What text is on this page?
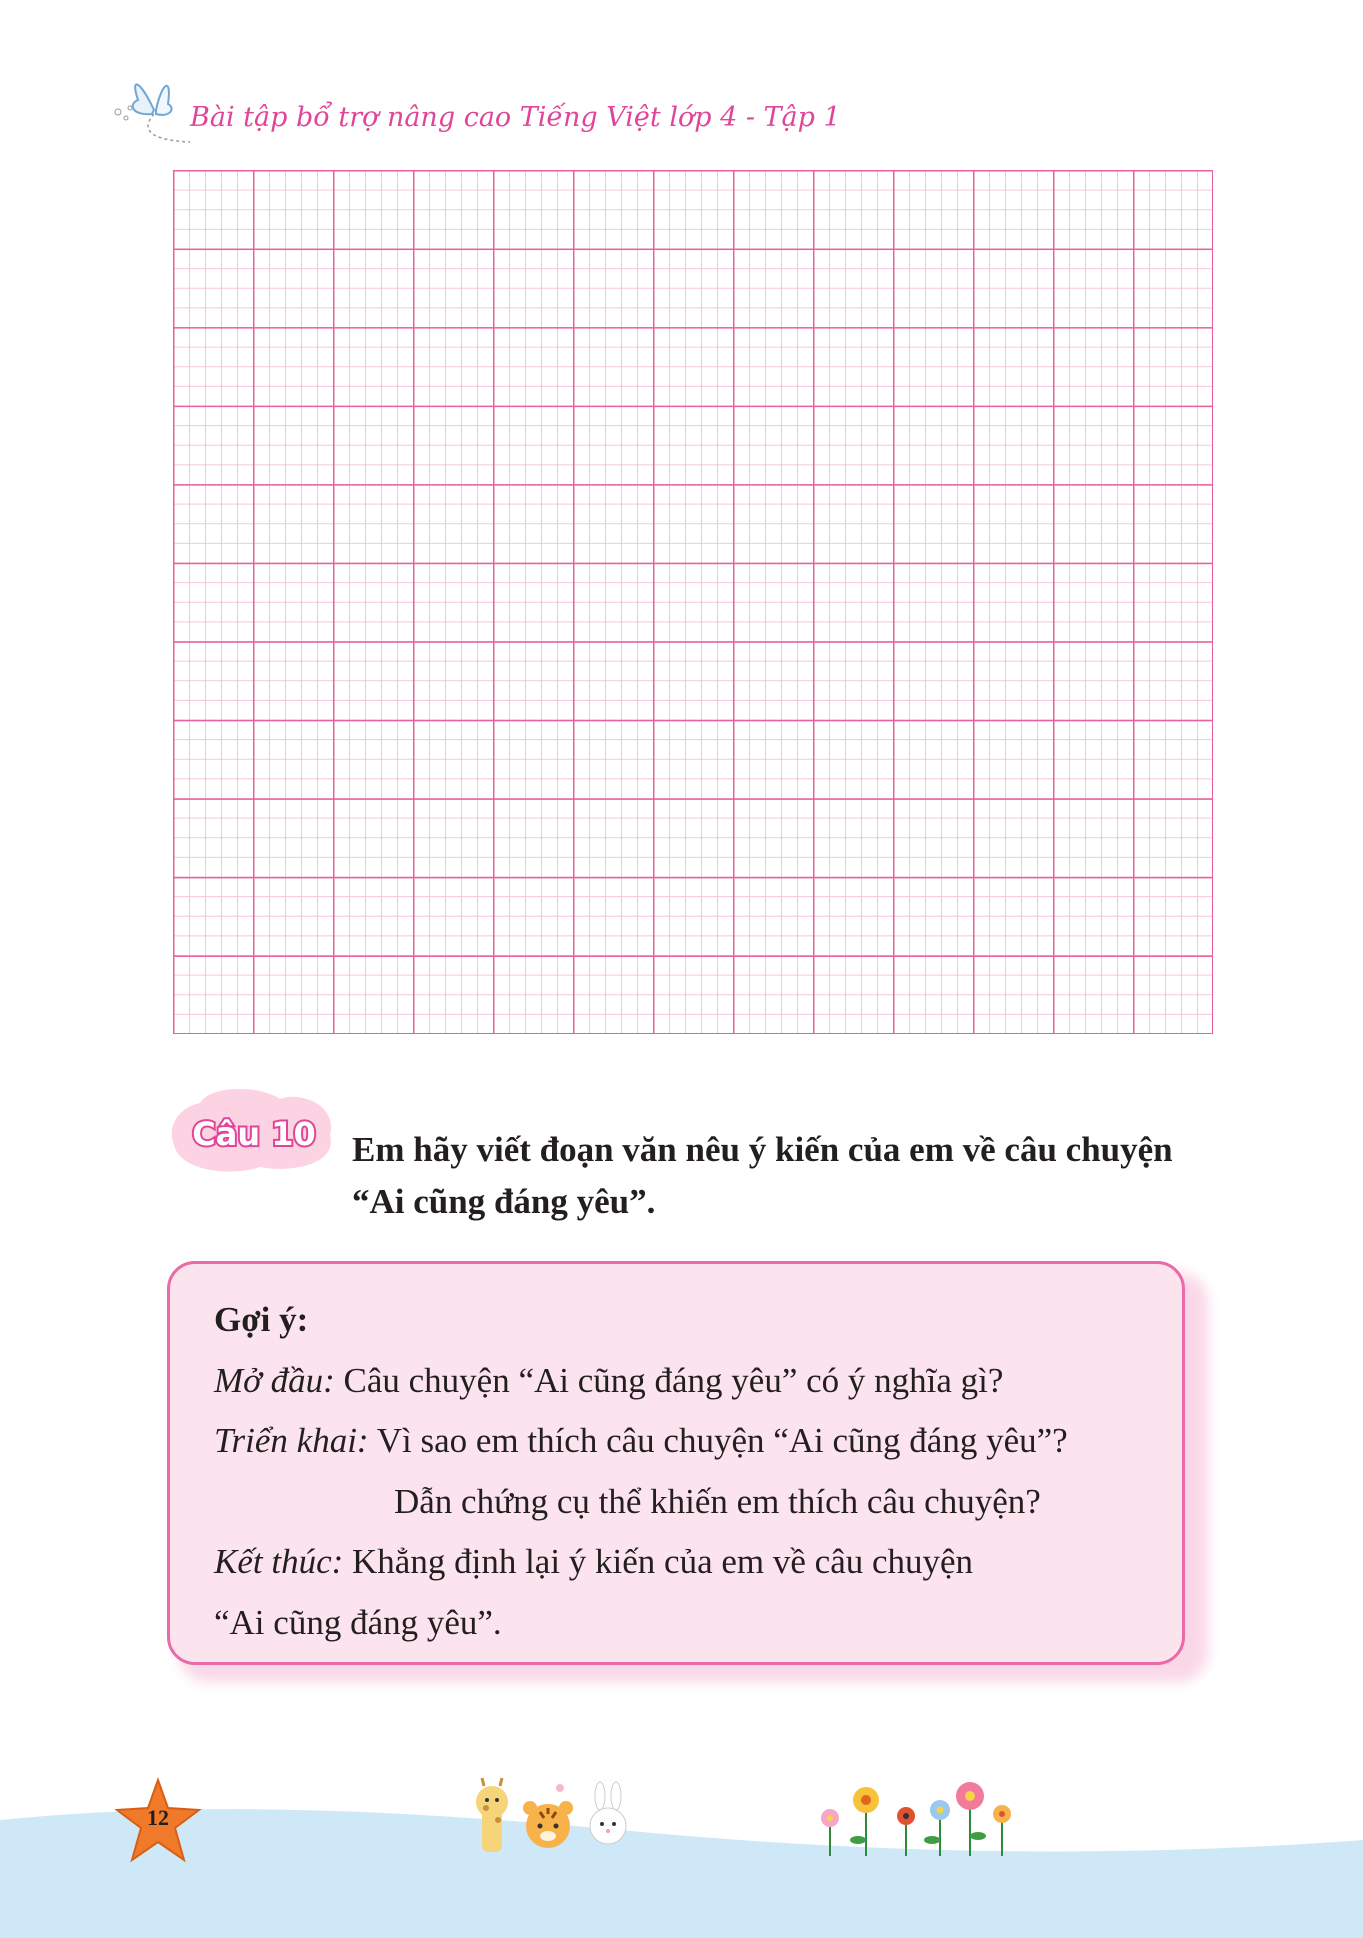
Bài tập bổ trợ nâng cao Tiếng Việt lớp 4 - Tập 1
Câu 10 Em hãy viết đoạn văn nêu ý kiến của em về câu chuyện
“Ai cũng đáng yêu”.
Gợi ý:
Mở đầu: Câu chuyện “Ai cũng đáng yêu” có ý nghĩa gì?
Triển khai: Vì sao em thích câu chuyện “Ai cũng đáng yêu”?
Dẫn chứng cụ thể khiến em thích câu chuyện?
Kết thúc: Khẳng định lại ý kiến của em về câu chuyện
“Ai cũng đáng yêu”.
12
